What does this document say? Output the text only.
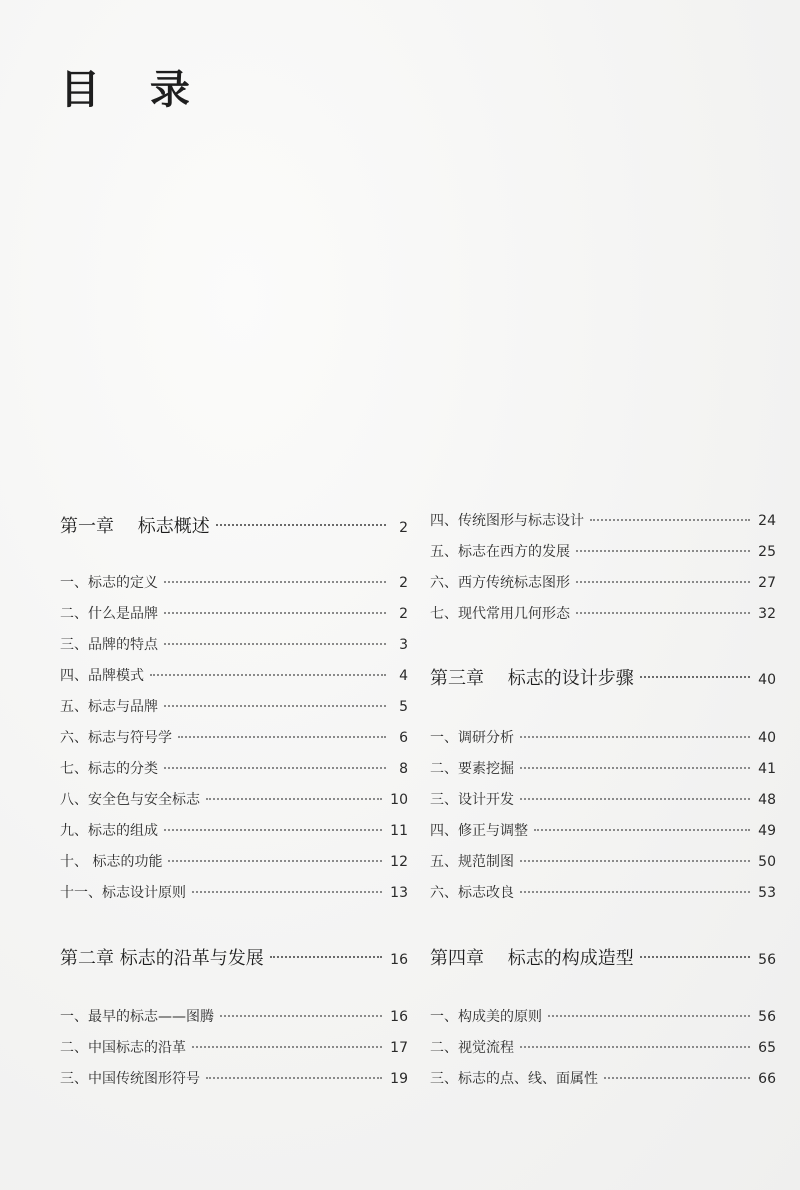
目 录
第一章　 标志概述	2
一、标志的定义	2
二、什么是品牌	2
三、品牌的特点	3
四、品牌模式	4
五、标志与品牌	5
六、标志与符号学	6
七、标志的分类	8
八、安全色与安全标志	10
九、标志的组成	11
十、 标志的功能	12
十一、标志设计原则	13
第二章 标志的沿革与发展	16
一、最早的标志——图腾	16
二、中国标志的沿革	17
三、中国传统图形符号	19
四、传统图形与标志设计	24
五、标志在西方的发展	25
六、西方传统标志图形	27
七、现代常用几何形态	32
第三章 　标志的设计步骤	40
一、调研分析	40
二、要素挖掘	41
三、设计开发	48
四、修正与调整	49
五、规范制图	50
六、标志改良	53
第四章 　标志的构成造型	56
一、构成美的原则	56
二、视觉流程	65
三、标志的点、线、面属性	66
